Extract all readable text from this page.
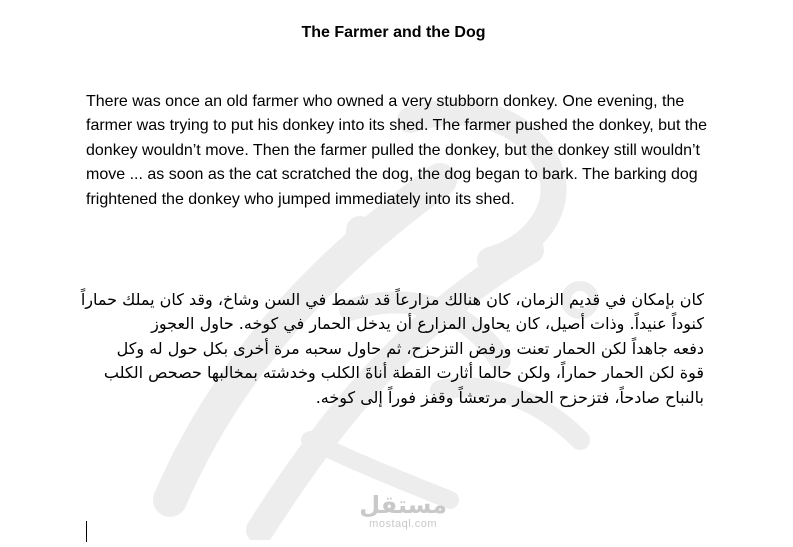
The Farmer and the Dog

There was once an old farmer who owned a very stubborn donkey. One evening, the farmer was trying to put his donkey into its shed. The farmer pushed the donkey, but the donkey wouldn’t move. Then the farmer pulled the donkey, but the donkey still wouldn’t move ... as soon as the cat scratched the dog, the dog began to bark. The barking dog frightened the donkey who jumped immediately into its shed.

كان بإمكان في قديم الزمان، كان هنالك مزارعاً قد شمط في السن وشاخ، وقد كان يملك حماراً
كنوداً عنيداً. وذات أصيل، كان يحاول المزارع أن يدخل الحمار في كوخه. حاول العجوز
دفعه جاهداً لكن الحمار تعنت ورفض التزحزح، ثم حاول سحبه مرة أخرى بكل حول له وكل
قوة لكن الحمار حماراً، ولكن حالما أثارت القطة أناةَ الكلب وخدشته بمخالبها حصحص الكلب
بالنباح صادحاً، فتزحزح الحمار مرتعشاً وقفز فوراً إلى كوخه.
مستقل
mostaql.com
